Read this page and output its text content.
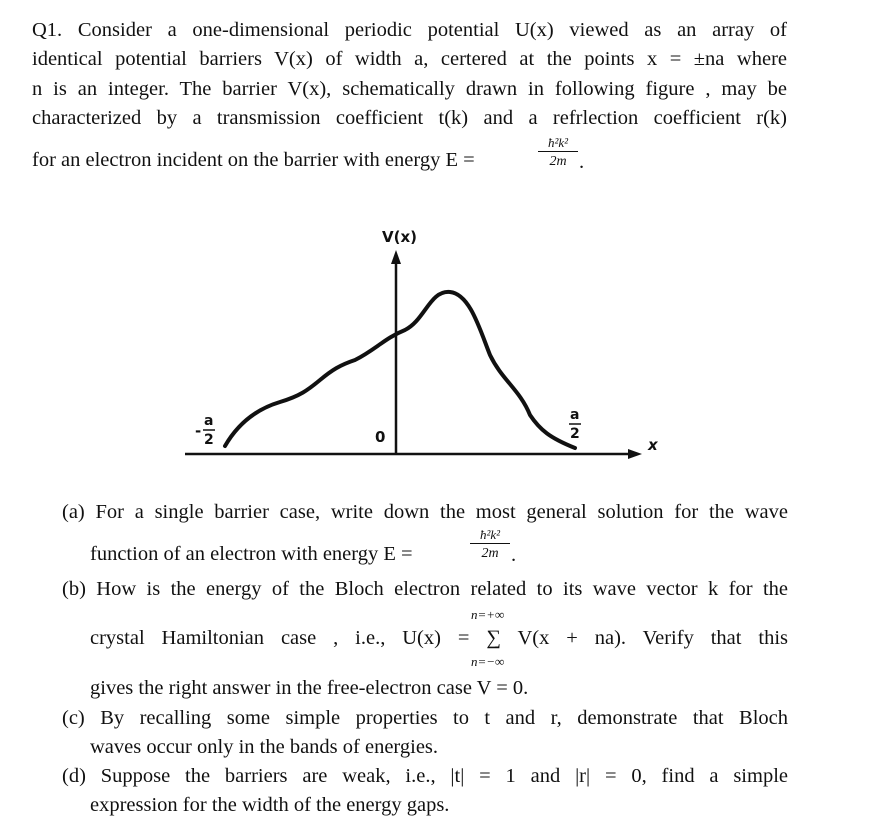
Q1. Consider a one-dimensional periodic potential U(x) viewed as an array of
identical potential barriers V(x) of width a, certered at the points x = ±na where
n is an integer. The barrier V(x), schematically drawn in following figure , may be
characterized by a transmission coefficient t(k) and a refrlection coefficient r(k)
for an electron incident on the barrier with energy E =
ħ²k²
2m .
V(x)
x
0
-
a
2
a
2
(a) For a single barrier case, write down the most general solution for the wave
function of an electron with energy E =
ħ²k²
2m .
(b) How is the energy of the Bloch electron related to its wave vector k for the
n=+∞
crystal Hamiltonian case , i.e., U(x) = ∑ V(x + na). Verify that this
n=−∞
gives the right answer in the free-electron case V = 0.
(c) By recalling some simple properties to t and r, demonstrate that Bloch
waves occur only in the bands of energies.
(d) Suppose the barriers are weak, i.e., |t| = 1 and |r| = 0, find a simple
expression for the width of the energy gaps.
